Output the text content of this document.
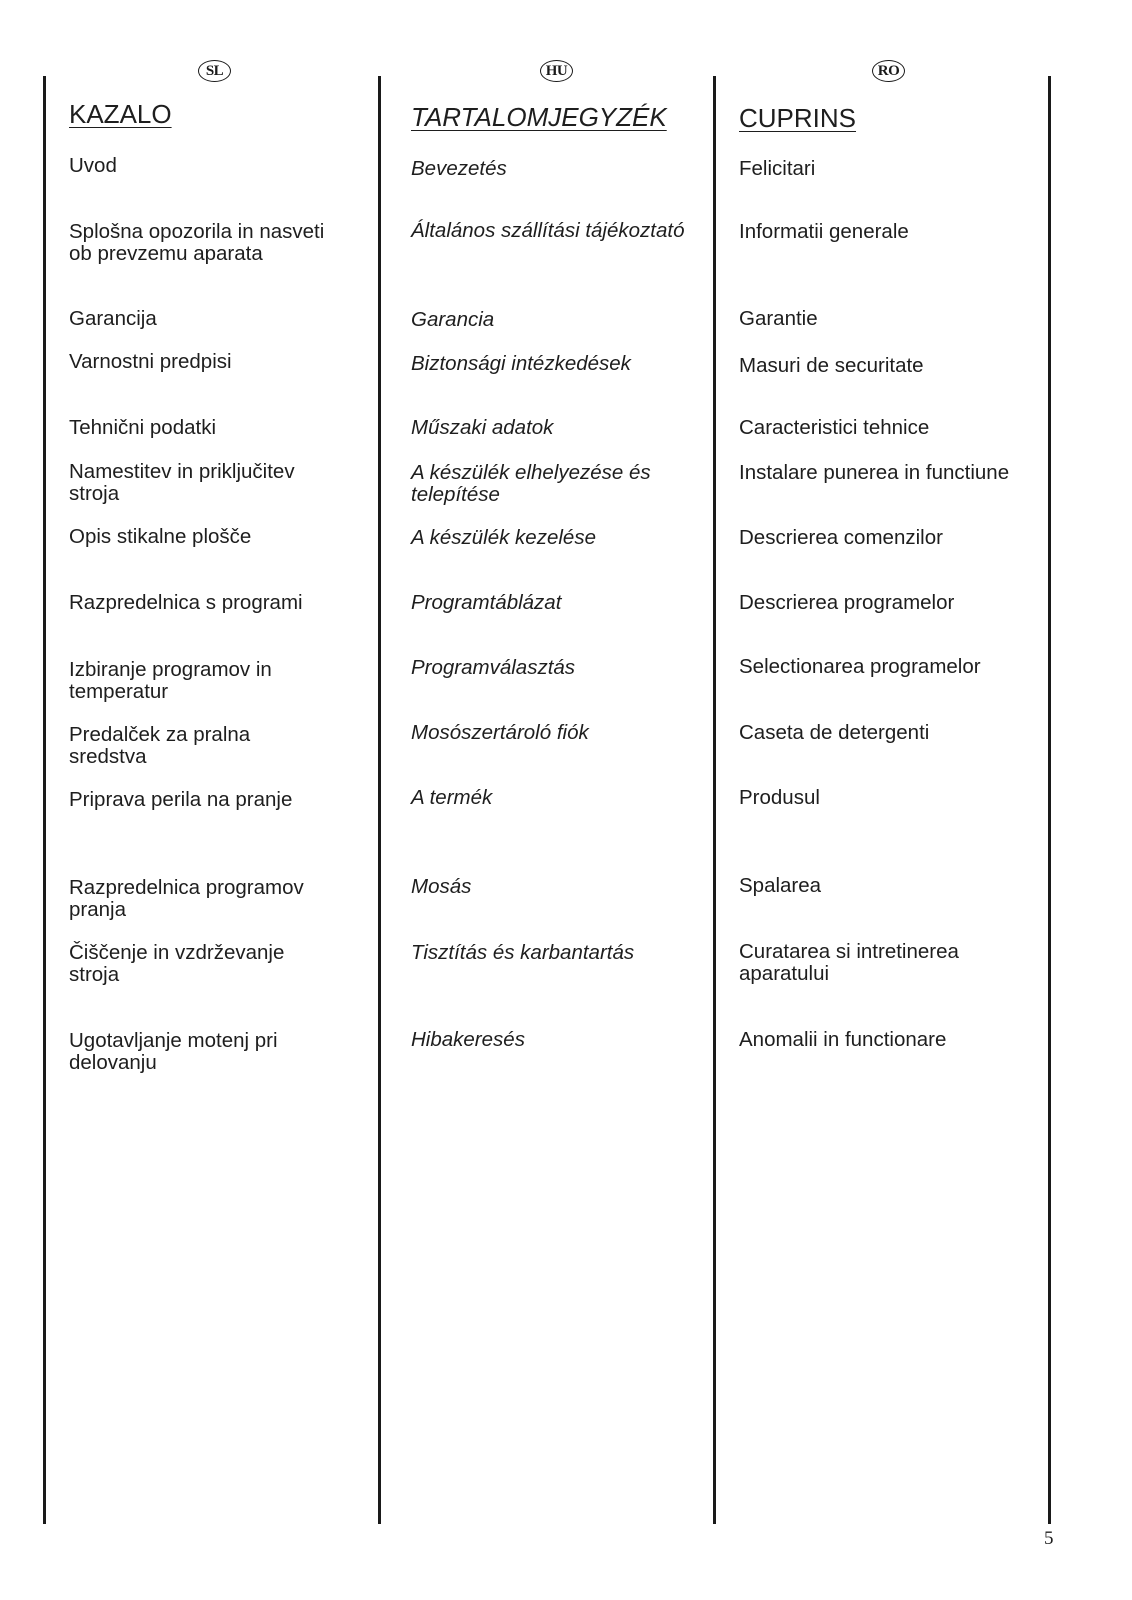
SL
KAZALO
Uvod
Splošna opozorila in nasveti
ob prevzemu aparata
Garancija
Varnostni predpisi
Tehnični podatki
Namestitev in priključitev
stroja
Opis stikalne plošče
Razpredelnica s programi
Izbiranje programov in
temperatur
Predalček za pralna
sredstva
Priprava perila na pranje
Razpredelnica programov
pranja
Čiščenje in vzdrževanje
stroja
Ugotavljanje motenj pri
delovanju
HU
TARTALOMJEGYZÉK
Bevezetés
Általános szállítási tájékoztató
Garancia
Biztonsági intézkedések
Műszaki adatok
A készülék elhelyezése és
telepítése
A készülék kezelése
Programtáblázat
Programválasztás
Mosószertároló fiók
A termék
Mosás
Tisztítás és karbantartás
Hibakeresés
RO
CUPRINS
Felicitari
Informatii generale
Garantie
Masuri de securitate
Caracteristici tehnice
Instalare punerea in functiune
Descrierea comenzilor
Descrierea programelor
Selectionarea programelor
Caseta de detergenti
Produsul
Spalarea
Curatarea si intretinerea
aparatului
Anomalii in functionare
5
